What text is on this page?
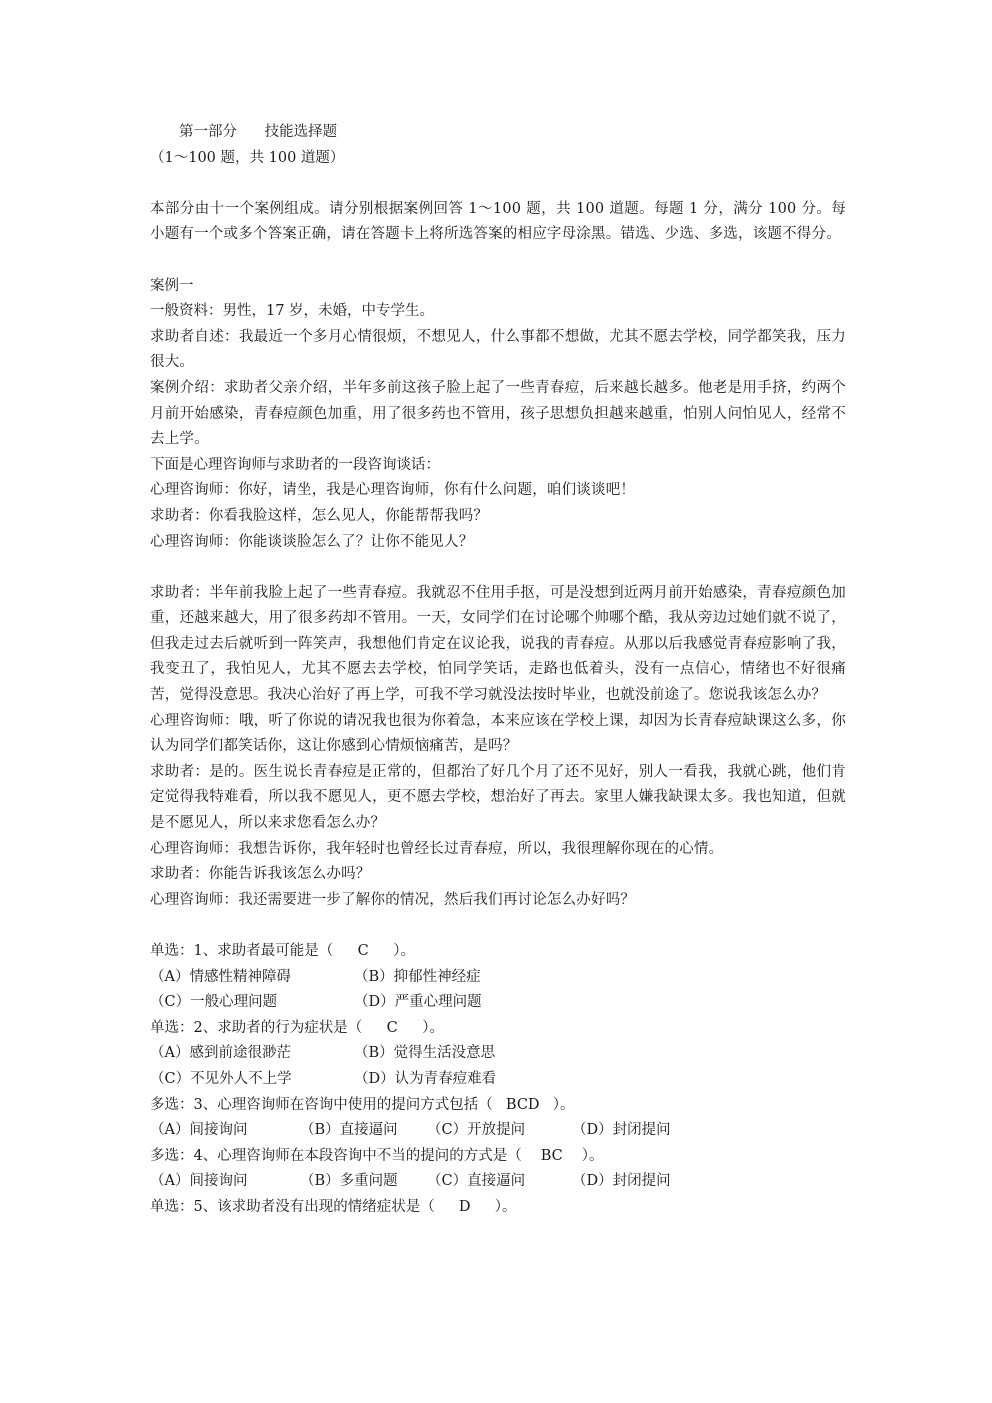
第一部分 技能选择题
（1～100 题，共 100 道题）
本部分由十一个案例组成。请分别根据案例回答 1～100 题，共 100 道题。每题 1 分，满分 100 分。每小题有一个或多个答案正确，请在答题卡上将所选答案的相应字母涂黑。错选、少选、多选，该题不得分。
案例一
一般资料：男性，17 岁，未婚，中专学生。
求助者自述：我最近一个多月心情很烦，不想见人，什么事都不想做，尤其不愿去学校，同学都笑我，压力很大。
案例介绍：求助者父亲介绍，半年多前这孩子脸上起了一些青春痘，后来越长越多。他老是用手挤，约两个月前开始感染，青春痘颜色加重，用了很多药也不管用，孩子思想负担越来越重，怕别人问怕见人，经常不去上学。
下面是心理咨询师与求助者的一段咨询谈话：
心理咨询师：你好，请坐，我是心理咨询师，你有什么问题，咱们谈谈吧！
求助者：你看我脸这样，怎么见人，你能帮帮我吗？
心理咨询师：你能谈谈脸怎么了？让你不能见人？
求助者：半年前我脸上起了一些青春痘。我就忍不住用手抠，可是没想到近两月前开始感染，青春痘颜色加重，还越来越大，用了很多药却不管用。一天，女同学们在讨论哪个帅哪个酷，我从旁边过她们就不说了，但我走过去后就听到一阵笑声，我想他们肯定在议论我，说我的青春痘。从那以后我感觉青春痘影响了我，我变丑了，我怕见人，尤其不愿去去学校，怕同学笑话，走路也低着头，没有一点信心，情绪也不好很痛苦，觉得没意思。我决心治好了再上学，可我不学习就没法按时毕业，也就没前途了。您说我该怎么办？
心理咨询师：哦，听了你说的请况我也很为你着急，本来应该在学校上课，却因为长青春痘缺课这么多，你认为同学们都笑话你，这让你感到心情烦恼痛苦，是吗？
求助者：是的。医生说长青春痘是正常的，但都治了好几个月了还不见好，别人一看我，我就心跳，他们肯定觉得我特难看，所以我不愿见人，更不愿去学校，想治好了再去。家里人嫌我缺课太多。我也知道，但就是不愿见人，所以来求您看怎么办？
心理咨询师：我想告诉你，我年轻时也曾经长过青春痘，所以，我很理解你现在的心情。
求助者：你能告诉我该怎么办吗？
心理咨询师：我还需要进一步了解你的情况，然后我们再讨论怎么办好吗？
单选：1、求助者最可能是（ C ）。
（A）情感性精神障碍	（B）抑郁性神经症
（C）一般心理问题	（D）严重心理问题
单选：2、求助者的行为症状是（ C ）。
（A）感到前途很渺茫	（B）觉得生活没意思
（C）不见外人不上学	（D）认为青春痘难看
多选：3、心理咨询师在咨询中使用的提问方式包括（ BCD ）。
（A）间接询问	（B）直接逼问	（C）开放提问	（D）封闭提问
多选：4、心理咨询师在本段咨询中不当的提问的方式是（ BC ）。
（A）间接询问	（B）多重问题	（C）直接逼问	（D）封闭提问
单选：5、该求助者没有出现的情绪症状是（ D ）。
